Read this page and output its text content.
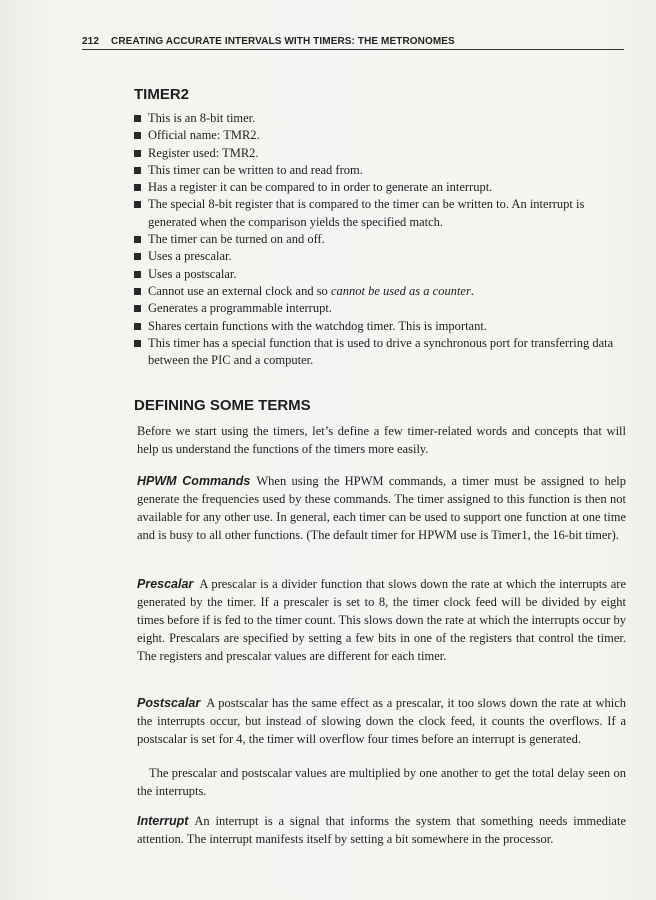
212 CREATING ACCURATE INTERVALS WITH TIMERS: THE METRONOMES
TIMER2
This is an 8-bit timer.
Official name: TMR2.
Register used: TMR2.
This timer can be written to and read from.
Has a register it can be compared to in order to generate an interrupt.
The special 8-bit register that is compared to the timer can be written to. An interrupt is generated when the comparison yields the specified match.
The timer can be turned on and off.
Uses a prescalar.
Uses a postscalar.
Cannot use an external clock and so cannot be used as a counter.
Generates a programmable interrupt.
Shares certain functions with the watchdog timer. This is important.
This timer has a special function that is used to drive a synchronous port for transferring data between the PIC and a computer.
DEFINING SOME TERMS

Before we start using the timers, let’s define a few timer-related words and concepts that will help us understand the functions of the timers more easily.

HPWM Commands When using the HPWM commands, a timer must be assigned to help generate the frequencies used by these commands. The timer assigned to this function is then not available for any other use. In general, each timer can be used to support one function at one time and is busy to all other functions. (The default timer for HPWM use is Timer1, the 16-bit timer).

Prescalar A prescalar is a divider function that slows down the rate at which the interrupts are generated by the timer. If a prescaler is set to 8, the timer clock feed will be divided by eight times before if is fed to the timer count. This slows down the rate at which the interrupts occur by eight. Prescalars are specified by setting a few bits in one of the registers that control the timer. The registers and prescalar values are different for each timer.

Postscalar A postscalar has the same effect as a prescalar, it too slows down the rate at which the interrupts occur, but instead of slowing down the clock feed, it counts the overflows. If a postscalar is set for 4, the timer will overflow four times before an interrupt is generated.

The prescalar and postscalar values are multiplied by one another to get the total delay seen on the interrupts.

Interrupt An interrupt is a signal that informs the system that something needs immediate attention. The interrupt manifests itself by setting a bit somewhere in the processor.
